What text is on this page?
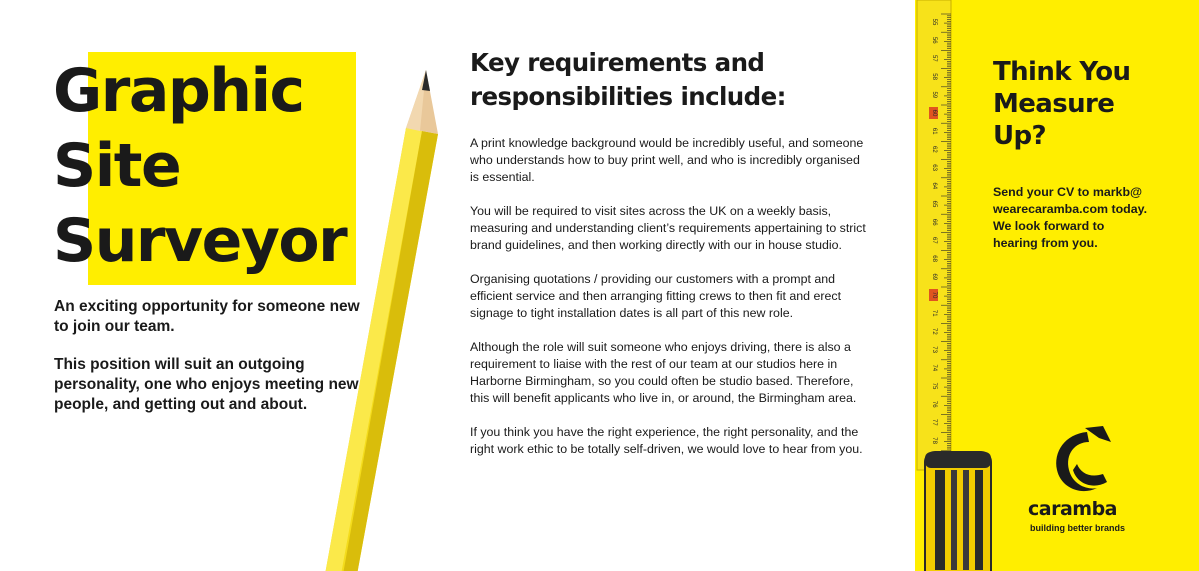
Graphic
Site
Surveyor

An exciting opportunity for someone new to join our team.

This position will suit an outgoing personality, one who enjoys meeting new people, and getting out and about.

Key requirements and
responsibilities include:

A print knowledge background would be incredibly useful, and someone who understands how to buy print well, and who is incredibly organised is essential.

You will be required to visit sites across the UK on a weekly basis, measuring and understanding client’s requirements appertaining to strict brand guidelines, and then working directly with our in house studio.

Organising quotations / providing our customers with a prompt and efficient service and then arranging fitting crews to then fit and erect signage to tight installation dates is all part of this new role.

Although the role will suit someone who enjoys driving, there is also a requirement to liaise with the rest of our team at our studios here in Harborne Birmingham, so you could often be studio based. Therefore, this will benefit applicants who live in, or around, the Birmingham area.

If you think you have the right experience, the right personality, and the right work ethic to be totally self-driven, we would love to hear from you.

55
56
57
58
59
60
61
62
63
64
65
66
67
68
69
70
71
72
73
74
75
76
77
78
Think You
Measure
Up?
Send your CV to markb@
wearecaramba.com today.
We look forward to
hearing from you.
caramba
building better brands
